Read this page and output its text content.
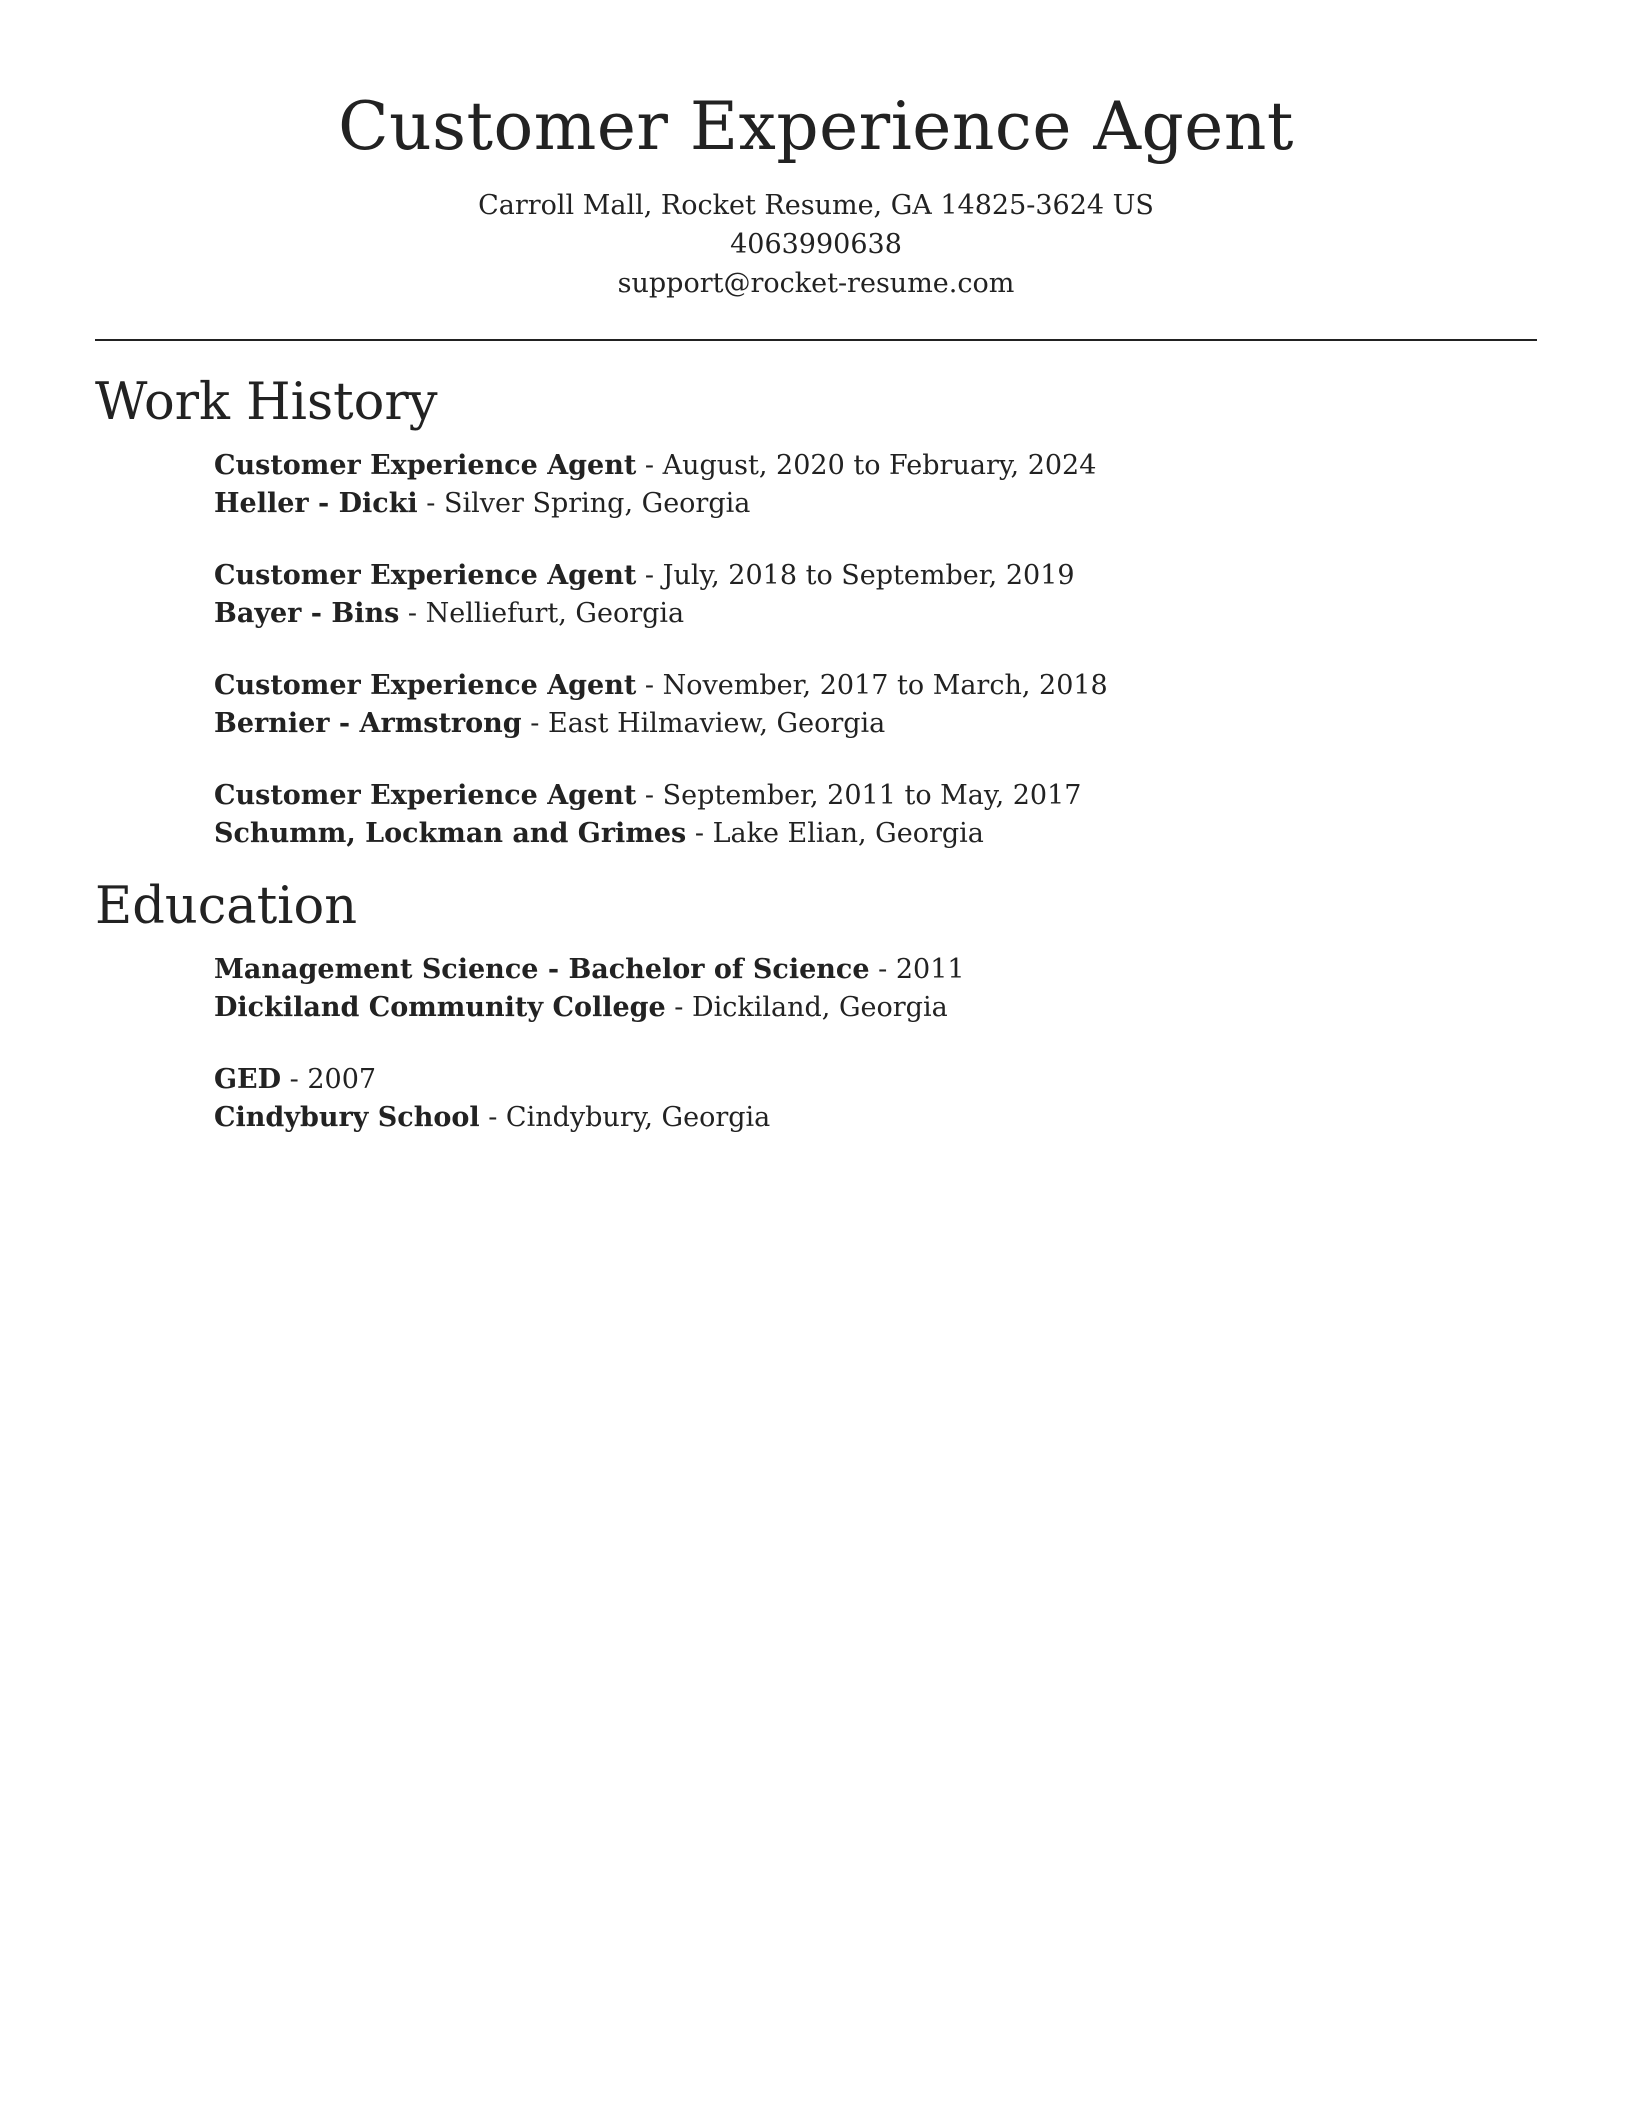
Customer Experience Agent
Carroll Mall, Rocket Resume, GA 14825-3624 US
4063990638
support@rocket-resume.com
Work History
Customer Experience Agent - August, 2020 to February, 2024
Heller - Dicki - Silver Spring, Georgia
Customer Experience Agent - July, 2018 to September, 2019
Bayer - Bins - Nelliefurt, Georgia
Customer Experience Agent - November, 2017 to March, 2018
Bernier - Armstrong - East Hilmaview, Georgia
Customer Experience Agent - September, 2011 to May, 2017
Schumm, Lockman and Grimes - Lake Elian, Georgia
Education
Management Science - Bachelor of Science - 2011
Dickiland Community College - Dickiland, Georgia
GED - 2007
Cindybury School - Cindybury, Georgia
